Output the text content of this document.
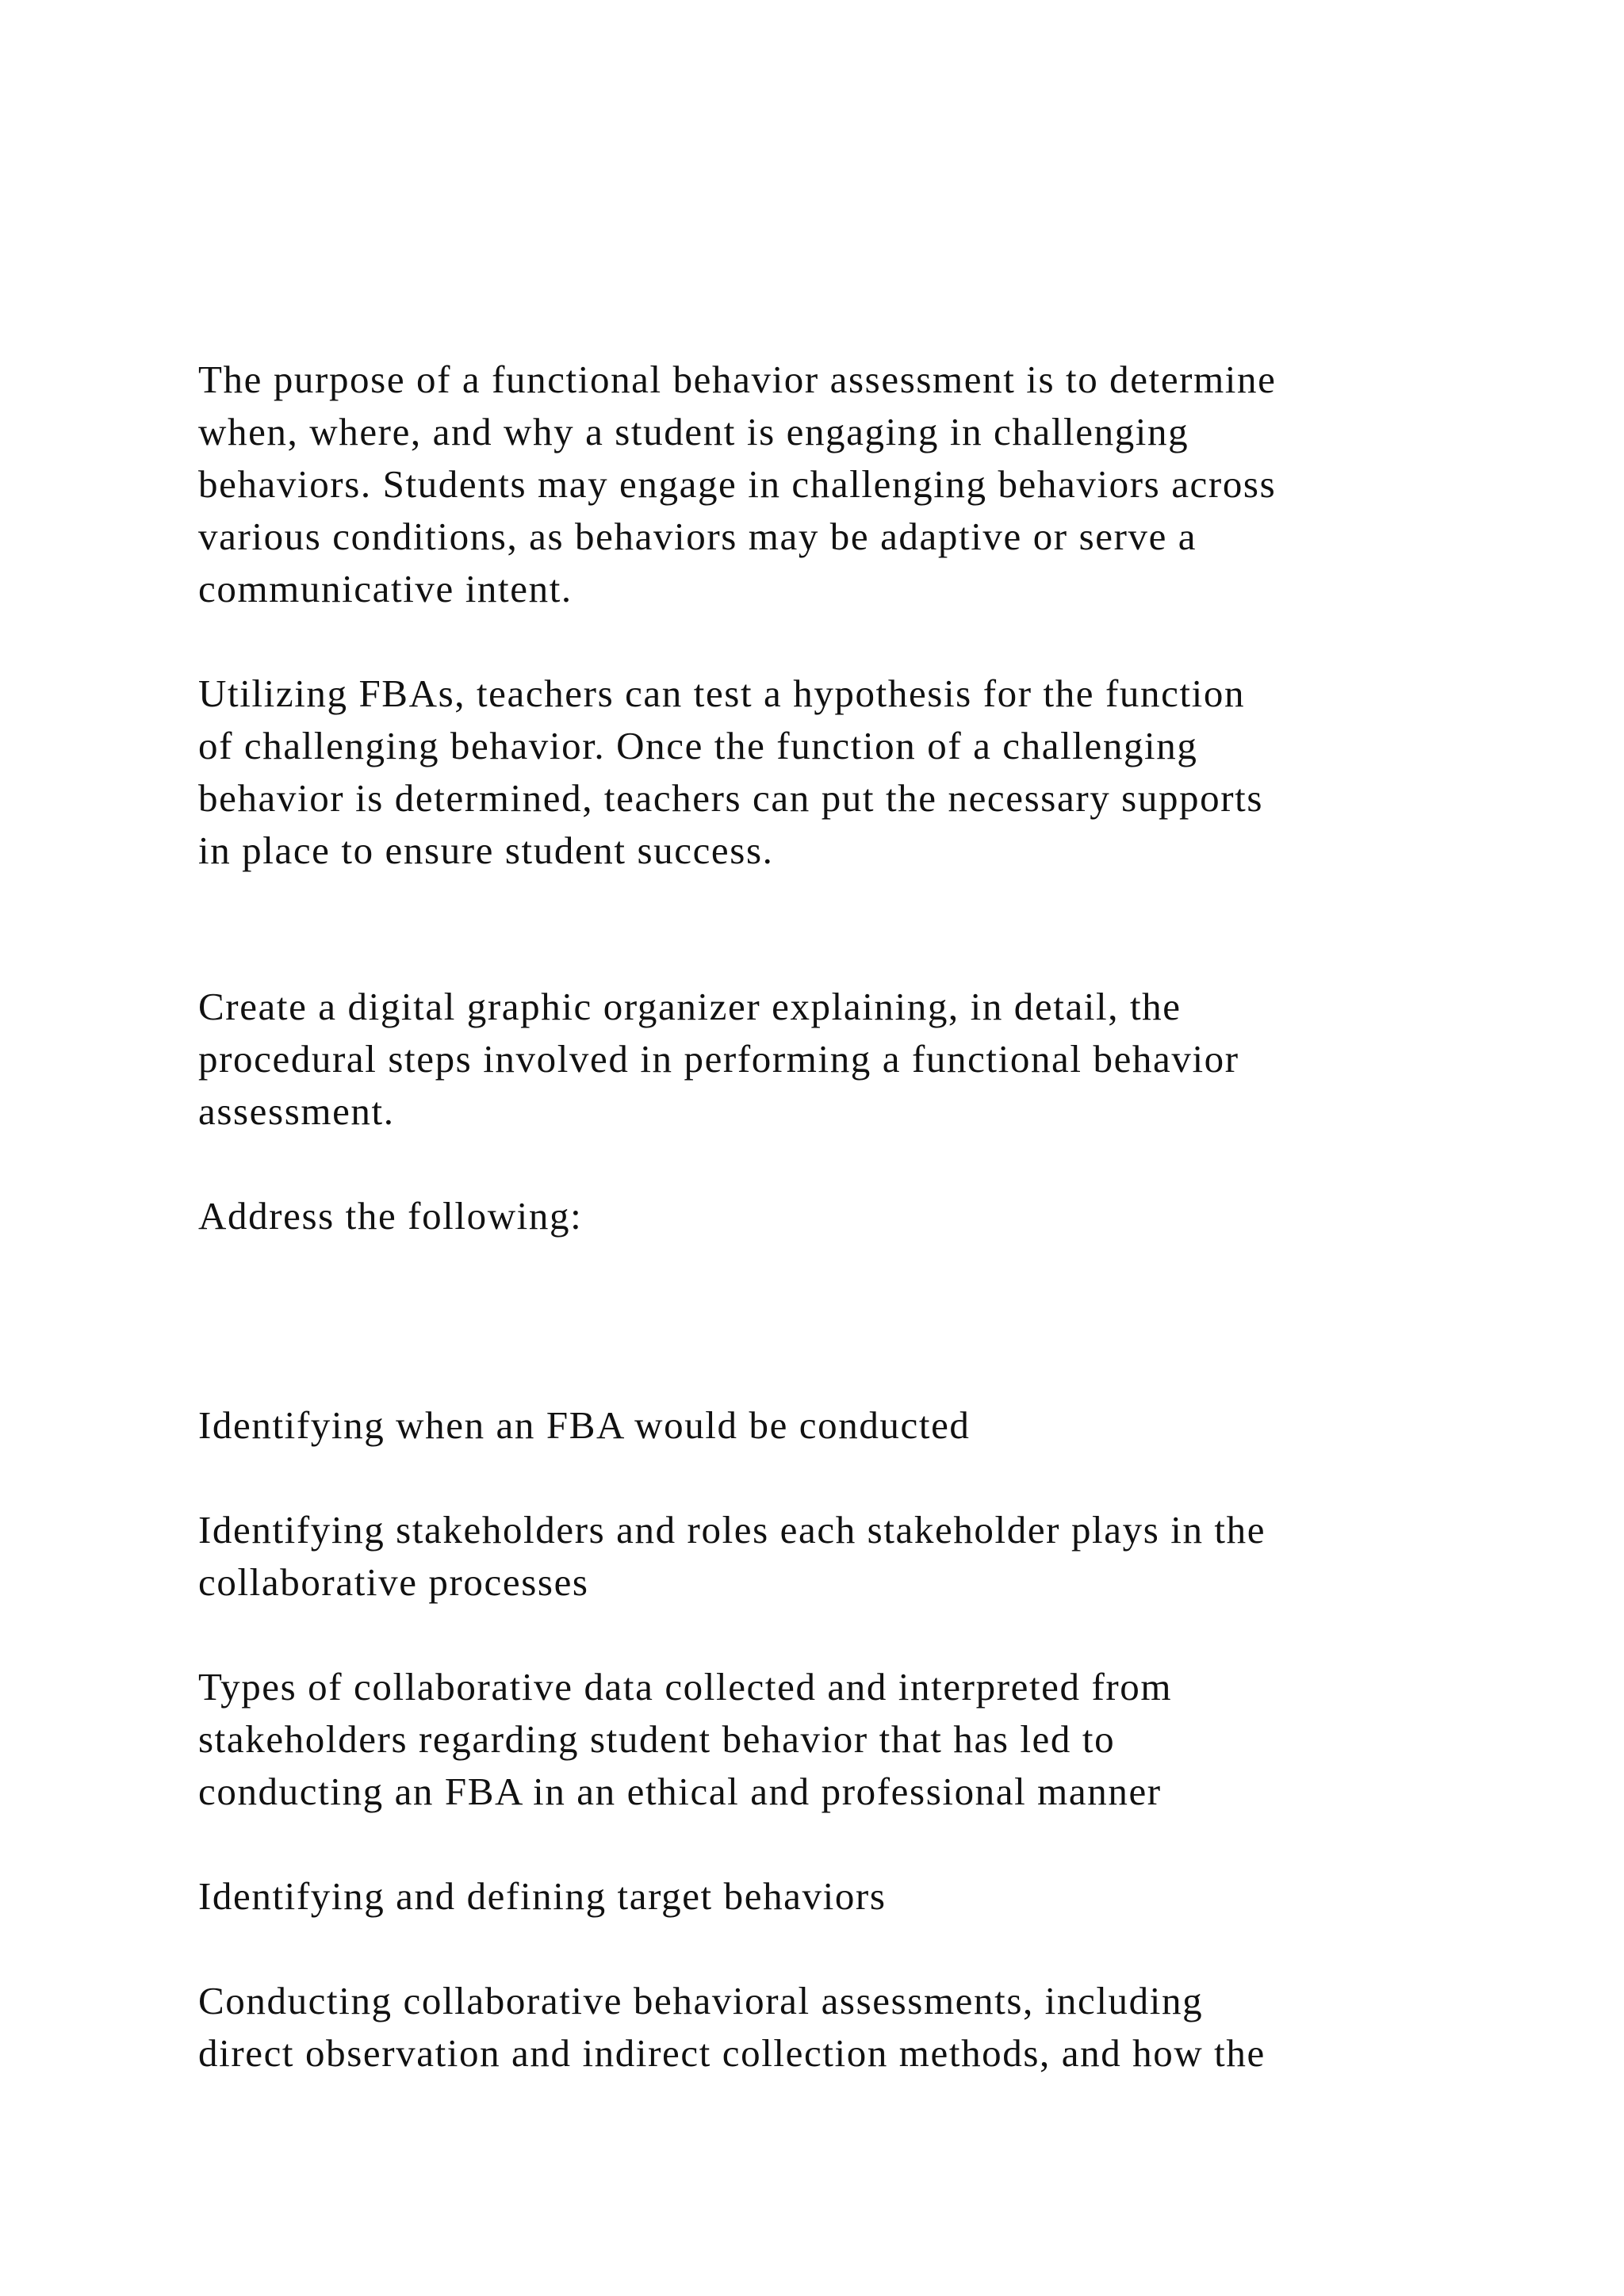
The purpose of a functional behavior assessment is to determine
when, where, and why a student is engaging in challenging
behaviors. Students may engage in challenging behaviors across
various conditions, as behaviors may be adaptive or serve a
communicative intent.

Utilizing FBAs, teachers can test a hypothesis for the function
of challenging behavior. Once the function of a challenging
behavior is determined, teachers can put the necessary supports
in place to ensure student success.

Create a digital graphic organizer explaining, in detail, the
procedural steps involved in performing a functional behavior
assessment.

Address the following:

Identifying when an FBA would be conducted

Identifying stakeholders and roles each stakeholder plays in the
collaborative processes

Types of collaborative data collected and interpreted from
stakeholders regarding student behavior that has led to
conducting an FBA in an ethical and professional manner

Identifying and defining target behaviors

Conducting collaborative behavioral assessments, including
direct observation and indirect collection methods, and how the
